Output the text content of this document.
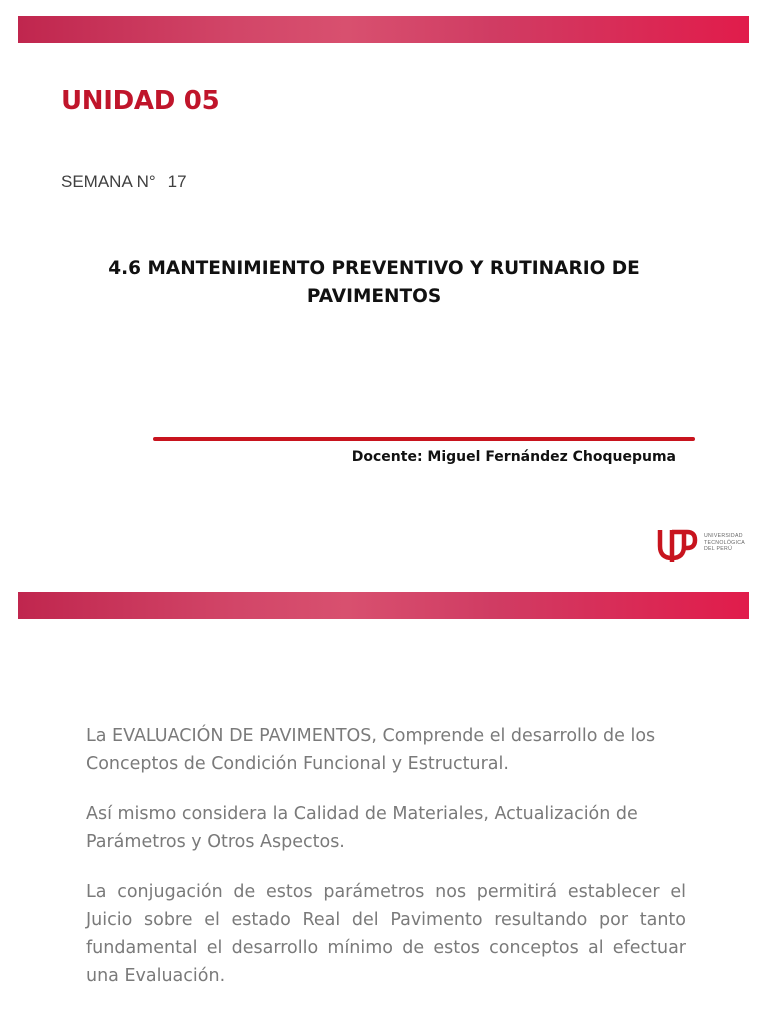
UNIDAD 05
SEMANA N° 17
4.6 MANTENIMIENTO PREVENTIVO Y RUTINARIO DE
PAVIMENTOS
Docente: Miguel Fernández Choquepuma
UNIVERSIDAD
TECNOLÓGICA
DEL PERÚ

La EVALUACIÓN DE PAVIMENTOS, Comprende el desarrollo de los Conceptos de Condición Funcional y Estructural.

Así mismo considera la Calidad de Materiales, Actualización de Parámetros y Otros Aspectos.

La conjugación de estos parámetros nos permitirá establecer el Juicio sobre el estado Real del Pavimento resultando por tanto fundamental el desarrollo mínimo de estos conceptos al efectuar una Evaluación.
